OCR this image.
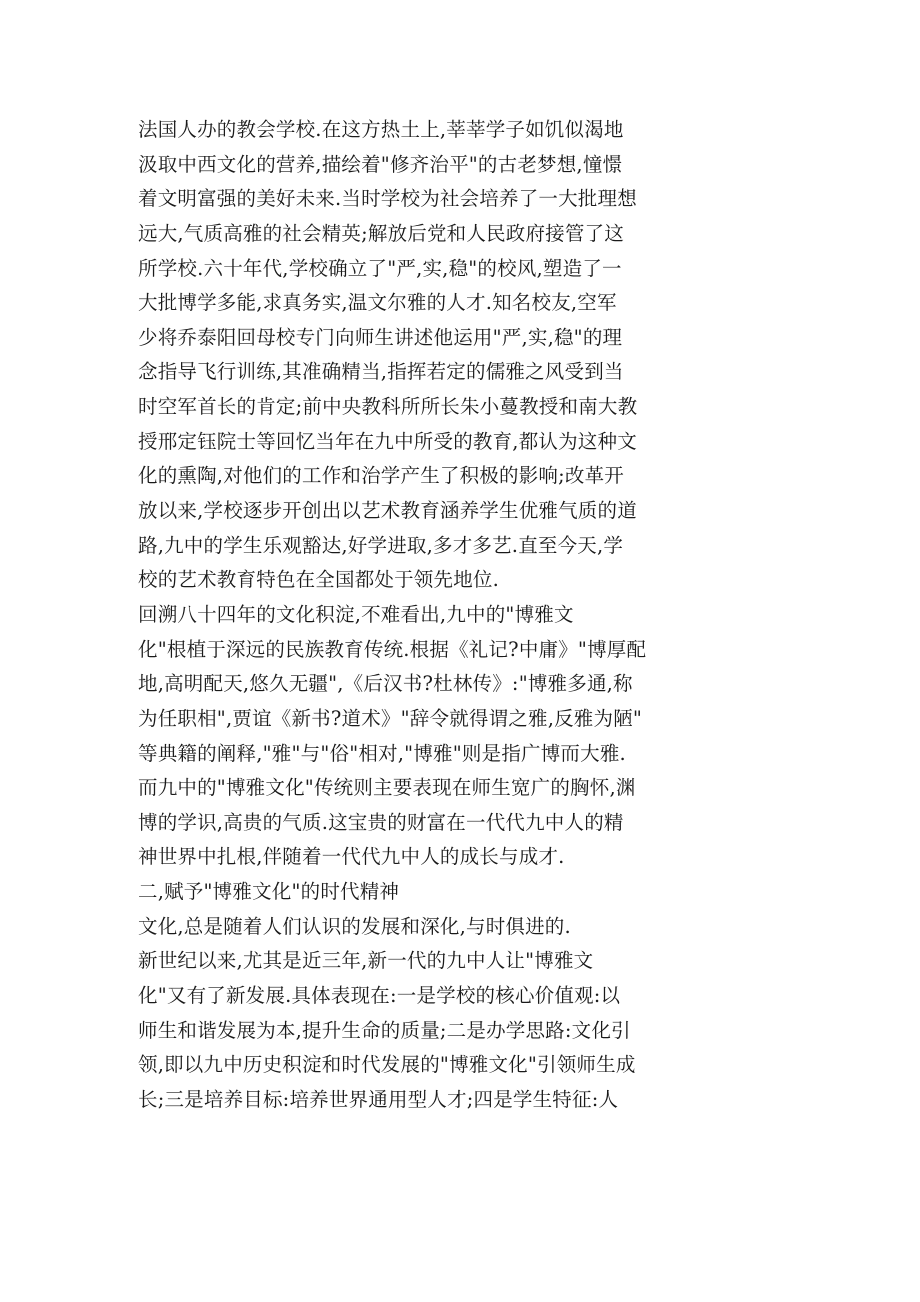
法国人办的教会学校.在这方热土上,莘莘学子如饥似渴地
汲取中西文化的营养,描绘着"修齐治平"的古老梦想,憧憬
着文明富强的美好未来.当时学校为社会培养了一大批理想
远大,气质高雅的社会精英;解放后党和人民政府接管了这
所学校.六十年代,学校确立了"严,实,稳"的校风,塑造了一
大批博学多能,求真务实,温文尔雅的人才.知名校友,空军
少将乔泰阳回母校专门向师生讲述他运用"严,实,稳"的理
念指导飞行训练,其准确精当,指挥若定的儒雅之风受到当
时空军首长的肯定;前中央教科所所长朱小蔓教授和南大教
授邢定钰院士等回忆当年在九中所受的教育,都认为这种文
化的熏陶,对他们的工作和治学产生了积极的影响;改革开
放以来,学校逐步开创出以艺术教育涵养学生优雅气质的道
路,九中的学生乐观豁达,好学进取,多才多艺.直至今天,学
校的艺术教育特色在全国都处于领先地位.
回溯八十四年的文化积淀,不难看出,九中的"博雅文
化"根植于深远的民族教育传统.根据《礼记?中庸》"博厚配
地,高明配天,悠久无疆",《后汉书?杜林传》:"博雅多通,称
为任职相",贾谊《新书?道术》"辞令就得谓之雅,反雅为陋"
等典籍的阐释,"雅"与"俗"相对,"博雅"则是指广博而大雅.
而九中的"博雅文化"传统则主要表现在师生宽广的胸怀,渊
博的学识,高贵的气质.这宝贵的财富在一代代九中人的精
神世界中扎根,伴随着一代代九中人的成长与成才.
二,赋予"博雅文化"的时代精神
文化,总是随着人们认识的发展和深化,与时俱进的.
新世纪以来,尤其是近三年,新一代的九中人让"博雅文
化"又有了新发展.具体表现在:一是学校的核心价值观:以
师生和谐发展为本,提升生命的质量;二是办学思路:文化引
领,即以九中历史积淀和时代发展的"博雅文化"引领师生成
长;三是培养目标:培养世界通用型人才;四是学生特征:人
